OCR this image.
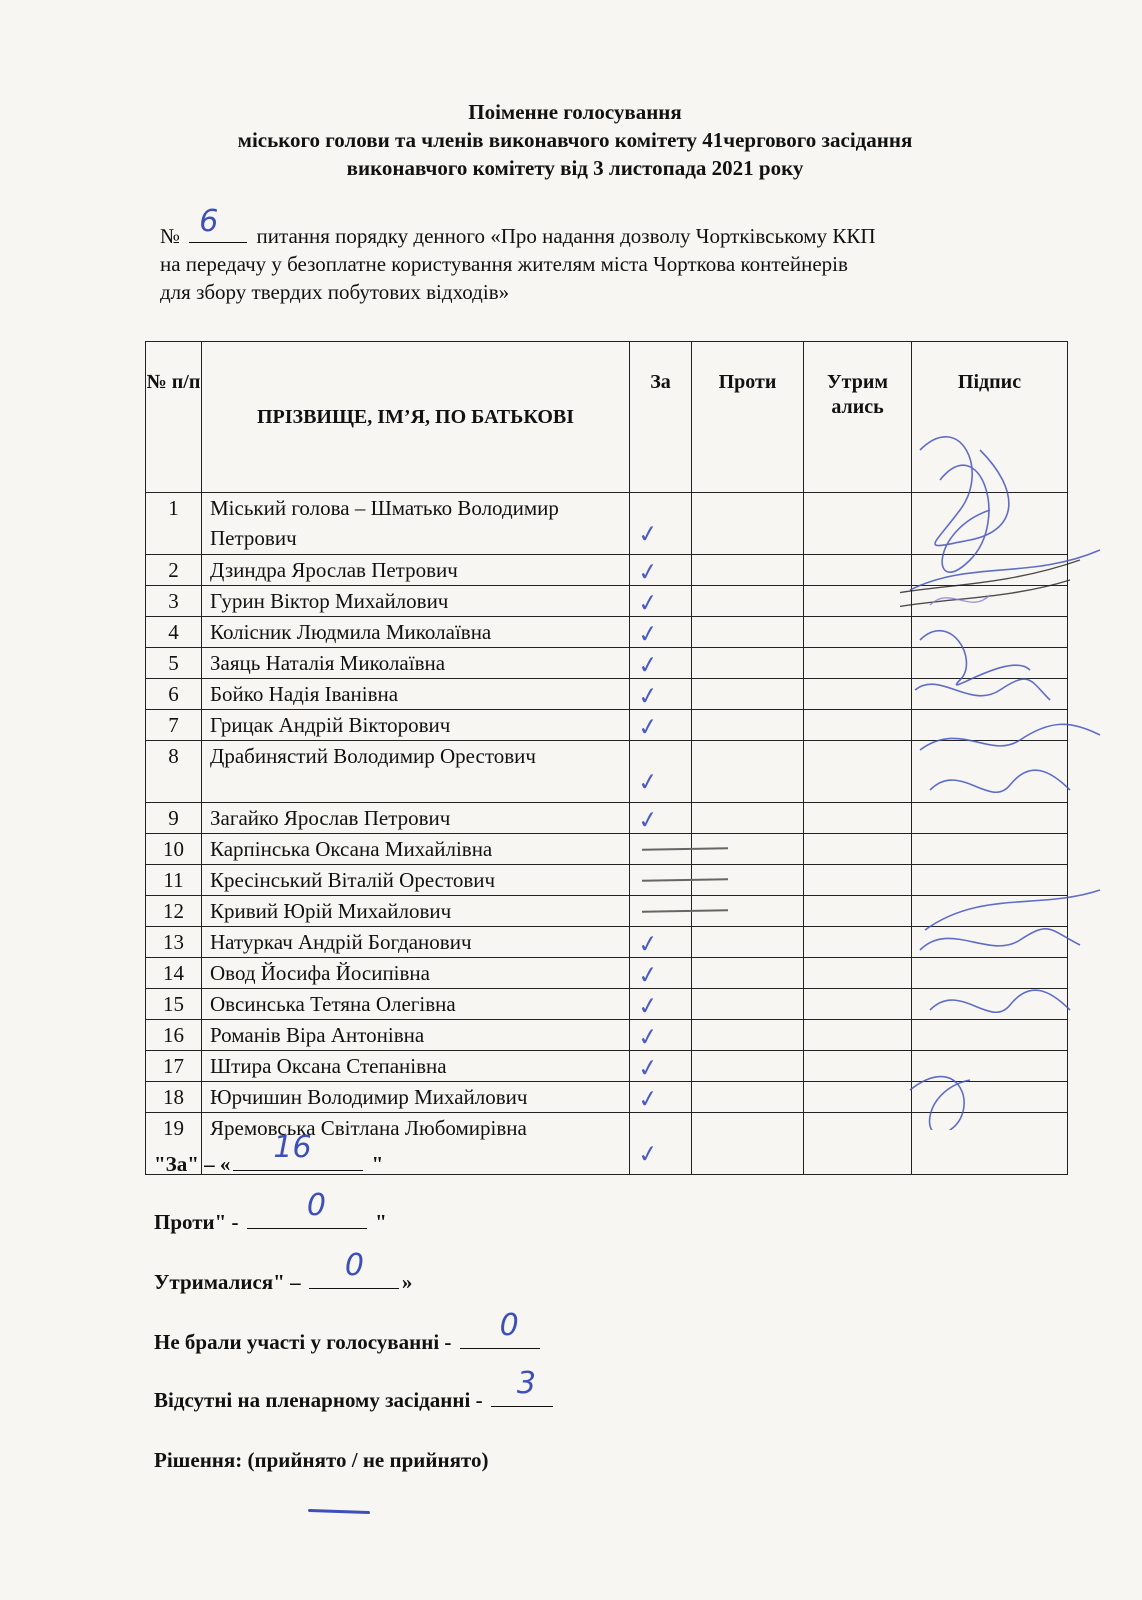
Поіменне голосування
міського голови та членів виконавчого комітету 41чергового засідання
виконавчого комітету від 3 листопада 2021 року
№ 6 питання порядку денного «Про надання дозволу Чортківському ККП
на передачу у безоплатне користування жителям міста Чорткова контейнерів
для збору твердих побутових відходів»
№ п/п	ПРІЗВИЩЕ, ІМ’Я, ПО БАТЬКОВІ	За	Проти	Утрим ались	Підпис
1	Міський голова – Шматько Володимир Петрович	✓			

2	Дзиндра Ярослав Петрович	✓			

3	Гурин Віктор Михайлович	✓			

4	Колісник Людмила Миколаївна	✓			

5	Заяць Наталія Миколаївна	✓			

6	Бойко Надія Іванівна	✓			

7	Грицак Андрій Вікторович	✓			

8	Драбинястий Володимир Орестович	✓			

9	Загайко Ярослав Петрович	✓			

10	Карпінська Оксана Михайлівна	

11	Кресінський Віталій Орестович	

12	Кривий Юрій Михайлович	

13	Натуркач Андрій Богданович	✓			

14	Овод Йосифа Йосипівна	✓			

15	Овсинська Тетяна Олегівна	✓			

16	Романів Віра Антонівна	✓			

17	Штира Оксана Степанівна	✓			

18	Юрчишин Володимир Михайлович	✓			

19	Яремовська Світлана Любомирівна	✓			

"За" – « 16	"
Проти" - 0 "
Утрималися" – 0 »
Не брали участі у голосуванні - 0
Відсутні на пленарному засіданні - 3
Рішення: (прийнято / не прийнято)
